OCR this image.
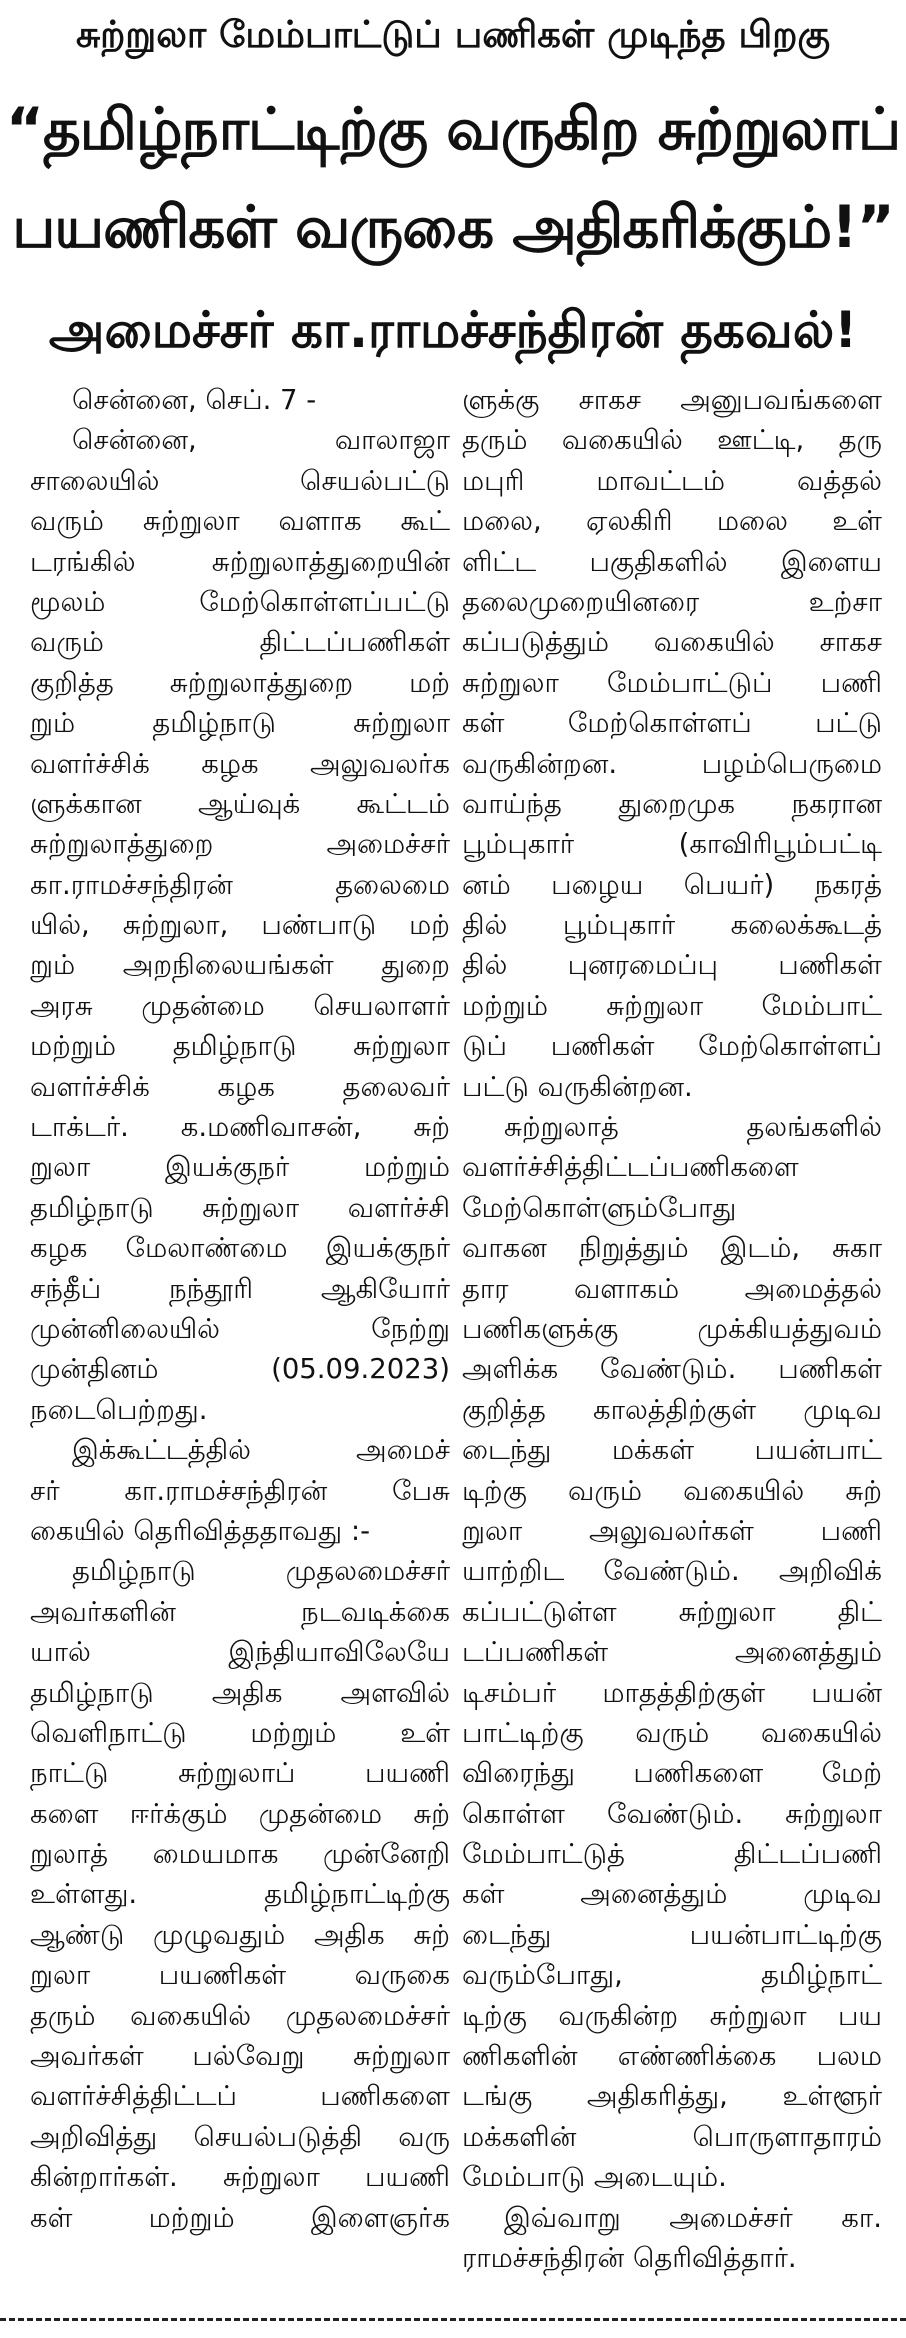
சுற்றுலா மேம்பாட்டுப் பணிகள் முடிந்த பிறகு
“தமிழ்நாட்டிற்கு வருகிற சுற்றுலாப்
பயணிகள் வருகை அதிகரிக்கும்!”
அமைச்சர் கா.ராமச்சந்திரன் தகவல்!
சென்னை, செப். 7 -
சென்னை, வாலாஜா
சாலையில் செயல்பட்டு
வரும் சுற்றுலா வளாக கூட்
டரங்கில் சுற்றுலாத்துறையின்
மூலம் மேற்கொள்ளப்பட்டு
வரும் திட்டப்பணிகள்
குறித்த சுற்றுலாத்துறை மற்
றும் தமிழ்நாடு சுற்றுலா
வளர்ச்சிக் கழக அலுவலர்க
ளுக்கான ஆய்வுக் கூட்டம்
சுற்றுலாத்துறை அமைச்சர்
கா.ராமச்சந்திரன் தலைமை
யில், சுற்றுலா, பண்பாடு மற்
றும் அறநிலையங்கள் துறை
அரசு முதன்மை செயலாளர்
மற்றும் தமிழ்நாடு சுற்றுலா
வளர்ச்சிக் கழக தலைவர்
டாக்டர். க.மணிவாசன், சுற்
றுலா இயக்குநர் மற்றும்
தமிழ்நாடு சுற்றுலா வளர்ச்சி
கழக மேலாண்மை இயக்குநர்
சந்தீப் நந்தூரி ஆகியோர்
முன்னிலையில் நேற்று
முன்தினம் (05.09.2023)
நடைபெற்றது.
இக்கூட்டத்தில் அமைச்
சர் கா.ராமச்சந்திரன் பேசு
கையில் தெரிவித்ததாவது :-
தமிழ்நாடு முதலமைச்சர்
அவர்களின் நடவடிக்கை
யால் இந்தியாவிலேயே
தமிழ்நாடு அதிக அளவில்
வெளிநாட்டு மற்றும் உள்
நாட்டு சுற்றுலாப் பயணி
களை ஈர்க்கும் முதன்மை சுற்
றுலாத் மையமாக முன்னேறி
உள்ளது. தமிழ்நாட்டிற்கு
ஆண்டு முழுவதும் அதிக சுற்
றுலா பயணிகள் வருகை
தரும் வகையில் முதலமைச்சர்
அவர்கள் பல்வேறு சுற்றுலா
வளர்ச்சித்திட்டப் பணிகளை
அறிவித்து செயல்படுத்தி வரு
கின்றார்கள். சுற்றுலா பயணி
கள் மற்றும் இளைஞர்க
ளுக்கு சாகச அனுபவங்களை
தரும் வகையில் ஊட்டி, தரு
மபுரி மாவட்டம் வத்தல்
மலை, ஏலகிரி மலை உள்
ளிட்ட பகுதிகளில் இளைய
தலைமுறையினரை உற்சா
கப்படுத்தும் வகையில் சாகச
சுற்றுலா மேம்பாட்டுப் பணி
கள் மேற்கொள்ளப் பட்டு
வருகின்றன. பழம்பெருமை
வாய்ந்த துறைமுக நகரான
பூம்புகார் (காவிரிபூம்பட்டி
னம் பழைய பெயர்) நகரத்
தில் பூம்புகார் கலைக்கூடத்
தில் புனரமைப்பு பணிகள்
மற்றும் சுற்றுலா மேம்பாட்
டுப் பணிகள் மேற்கொள்ளப்
பட்டு வருகின்றன.
சுற்றுலாத் தலங்களில்
வளர்ச்சித்திட்டப்பணிகளை
மேற்கொள்ளும்போது
வாகன நிறுத்தும் இடம், சுகா
தார வளாகம் அமைத்தல்
பணிகளுக்கு முக்கியத்துவம்
அளிக்க வேண்டும். பணிகள்
குறித்த காலத்திற்குள் முடிவ
டைந்து மக்கள் பயன்பாட்
டிற்கு வரும் வகையில் சுற்
றுலா அலுவலர்கள் பணி
யாற்றிட வேண்டும். அறிவிக்
கப்பட்டுள்ள சுற்றுலா திட்
டப்பணிகள் அனைத்தும்
டிசம்பர் மாதத்திற்குள் பயன்
பாட்டிற்கு வரும் வகையில்
விரைந்து பணிகளை மேற்
கொள்ள வேண்டும். சுற்றுலா
மேம்பாட்டுத் திட்டப்பணி
கள் அனைத்தும் முடிவ
டைந்து பயன்பாட்டிற்கு
வரும்போது, தமிழ்நாட்
டிற்கு வருகின்ற சுற்றுலா பய
ணிகளின் எண்ணிக்கை பலம
டங்கு அதிகரித்து, உள்ளூர்
மக்களின் பொருளாதாரம்
மேம்பாடு அடையும்.
இவ்வாறு அமைச்சர் கா.
ராமச்சந்திரன் தெரிவித்தார்.
